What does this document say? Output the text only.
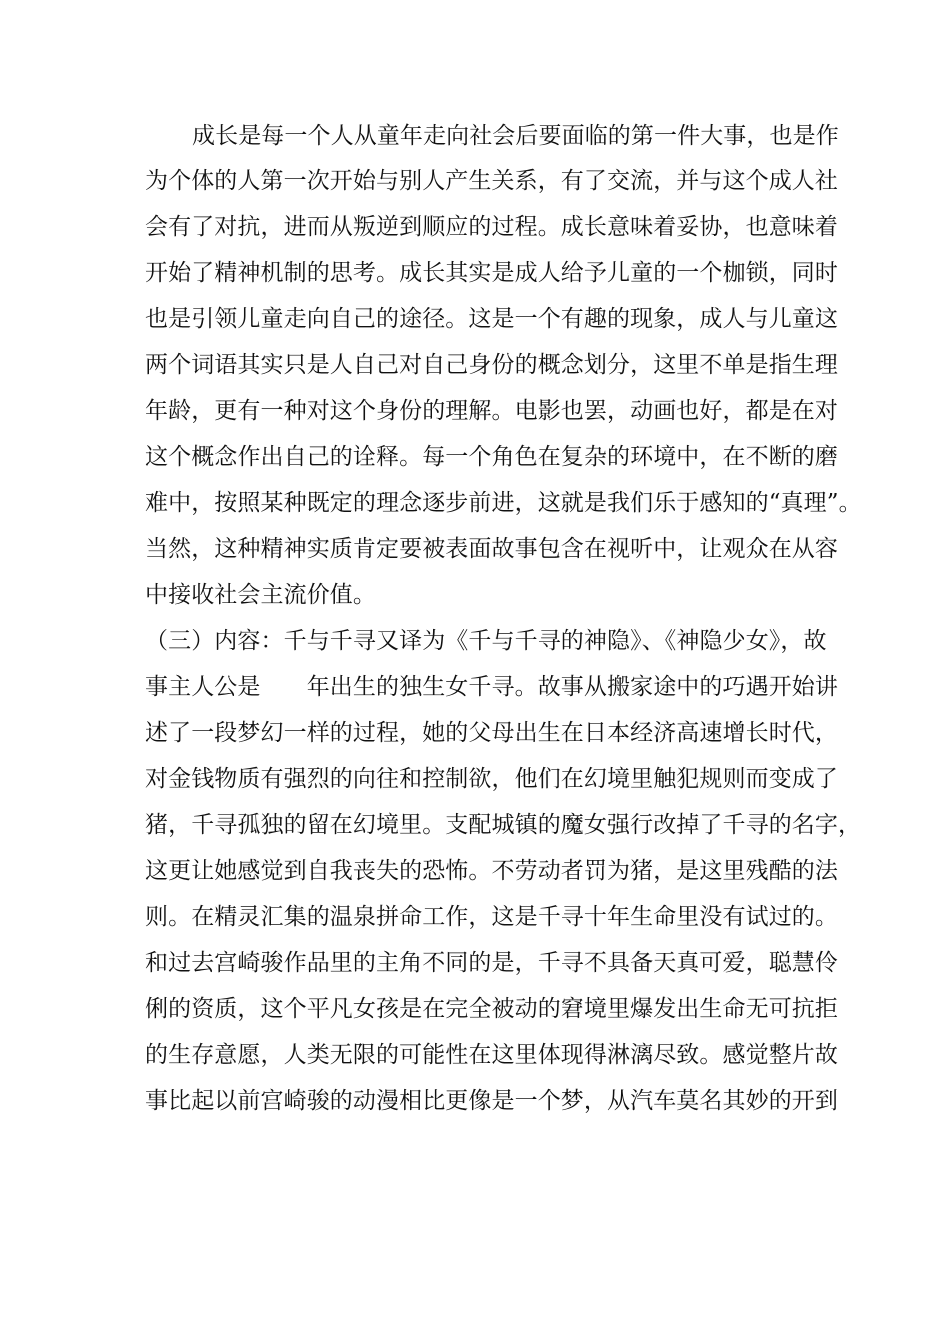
成长是每一个人从童年走向社会后要面临的第一件大事，也是作
为个体的人第一次开始与别人产生关系，有了交流，并与这个成人社
会有了对抗，进而从叛逆到顺应的过程。成长意味着妥协，也意味着
开始了精神机制的思考。成长其实是成人给予儿童的一个枷锁，同时
也是引领儿童走向自己的途径。这是一个有趣的现象，成人与儿童这
两个词语其实只是人自己对自己身份的概念划分，这里不单是指生理
年龄，更有一种对这个身份的理解。电影也罢，动画也好，都是在对
这个概念作出自己的诠释。每一个角色在复杂的环境中，在不断的磨
难中，按照某种既定的理念逐步前进，这就是我们乐于感知的“真理”。
当然，这种精神实质肯定要被表面故事包含在视听中，让观众在从容
中接收社会主流价值。
（三）内容：千与千寻又译为《千与千寻的神隐》、《神隐少女》，故
事主人公是　　年出生的独生女千寻。故事从搬家途中的巧遇开始讲
述了一段梦幻一样的过程，她的父母出生在日本经济高速增长时代，
对金钱物质有强烈的向往和控制欲，他们在幻境里触犯规则而变成了
猪，千寻孤独的留在幻境里。支配城镇的魔女强行改掉了千寻的名字，
这更让她感觉到自我丧失的恐怖。不劳动者罚为猪，是这里残酷的法
则。在精灵汇集的温泉拼命工作，这是千寻十年生命里没有试过的。
和过去宫崎骏作品里的主角不同的是，千寻不具备天真可爱，聪慧伶
俐的资质，这个平凡女孩是在完全被动的窘境里爆发出生命无可抗拒
的生存意愿，人类无限的可能性在这里体现得淋漓尽致。感觉整片故
事比起以前宫崎骏的动漫相比更像是一个梦，从汽车莫名其妙的开到
